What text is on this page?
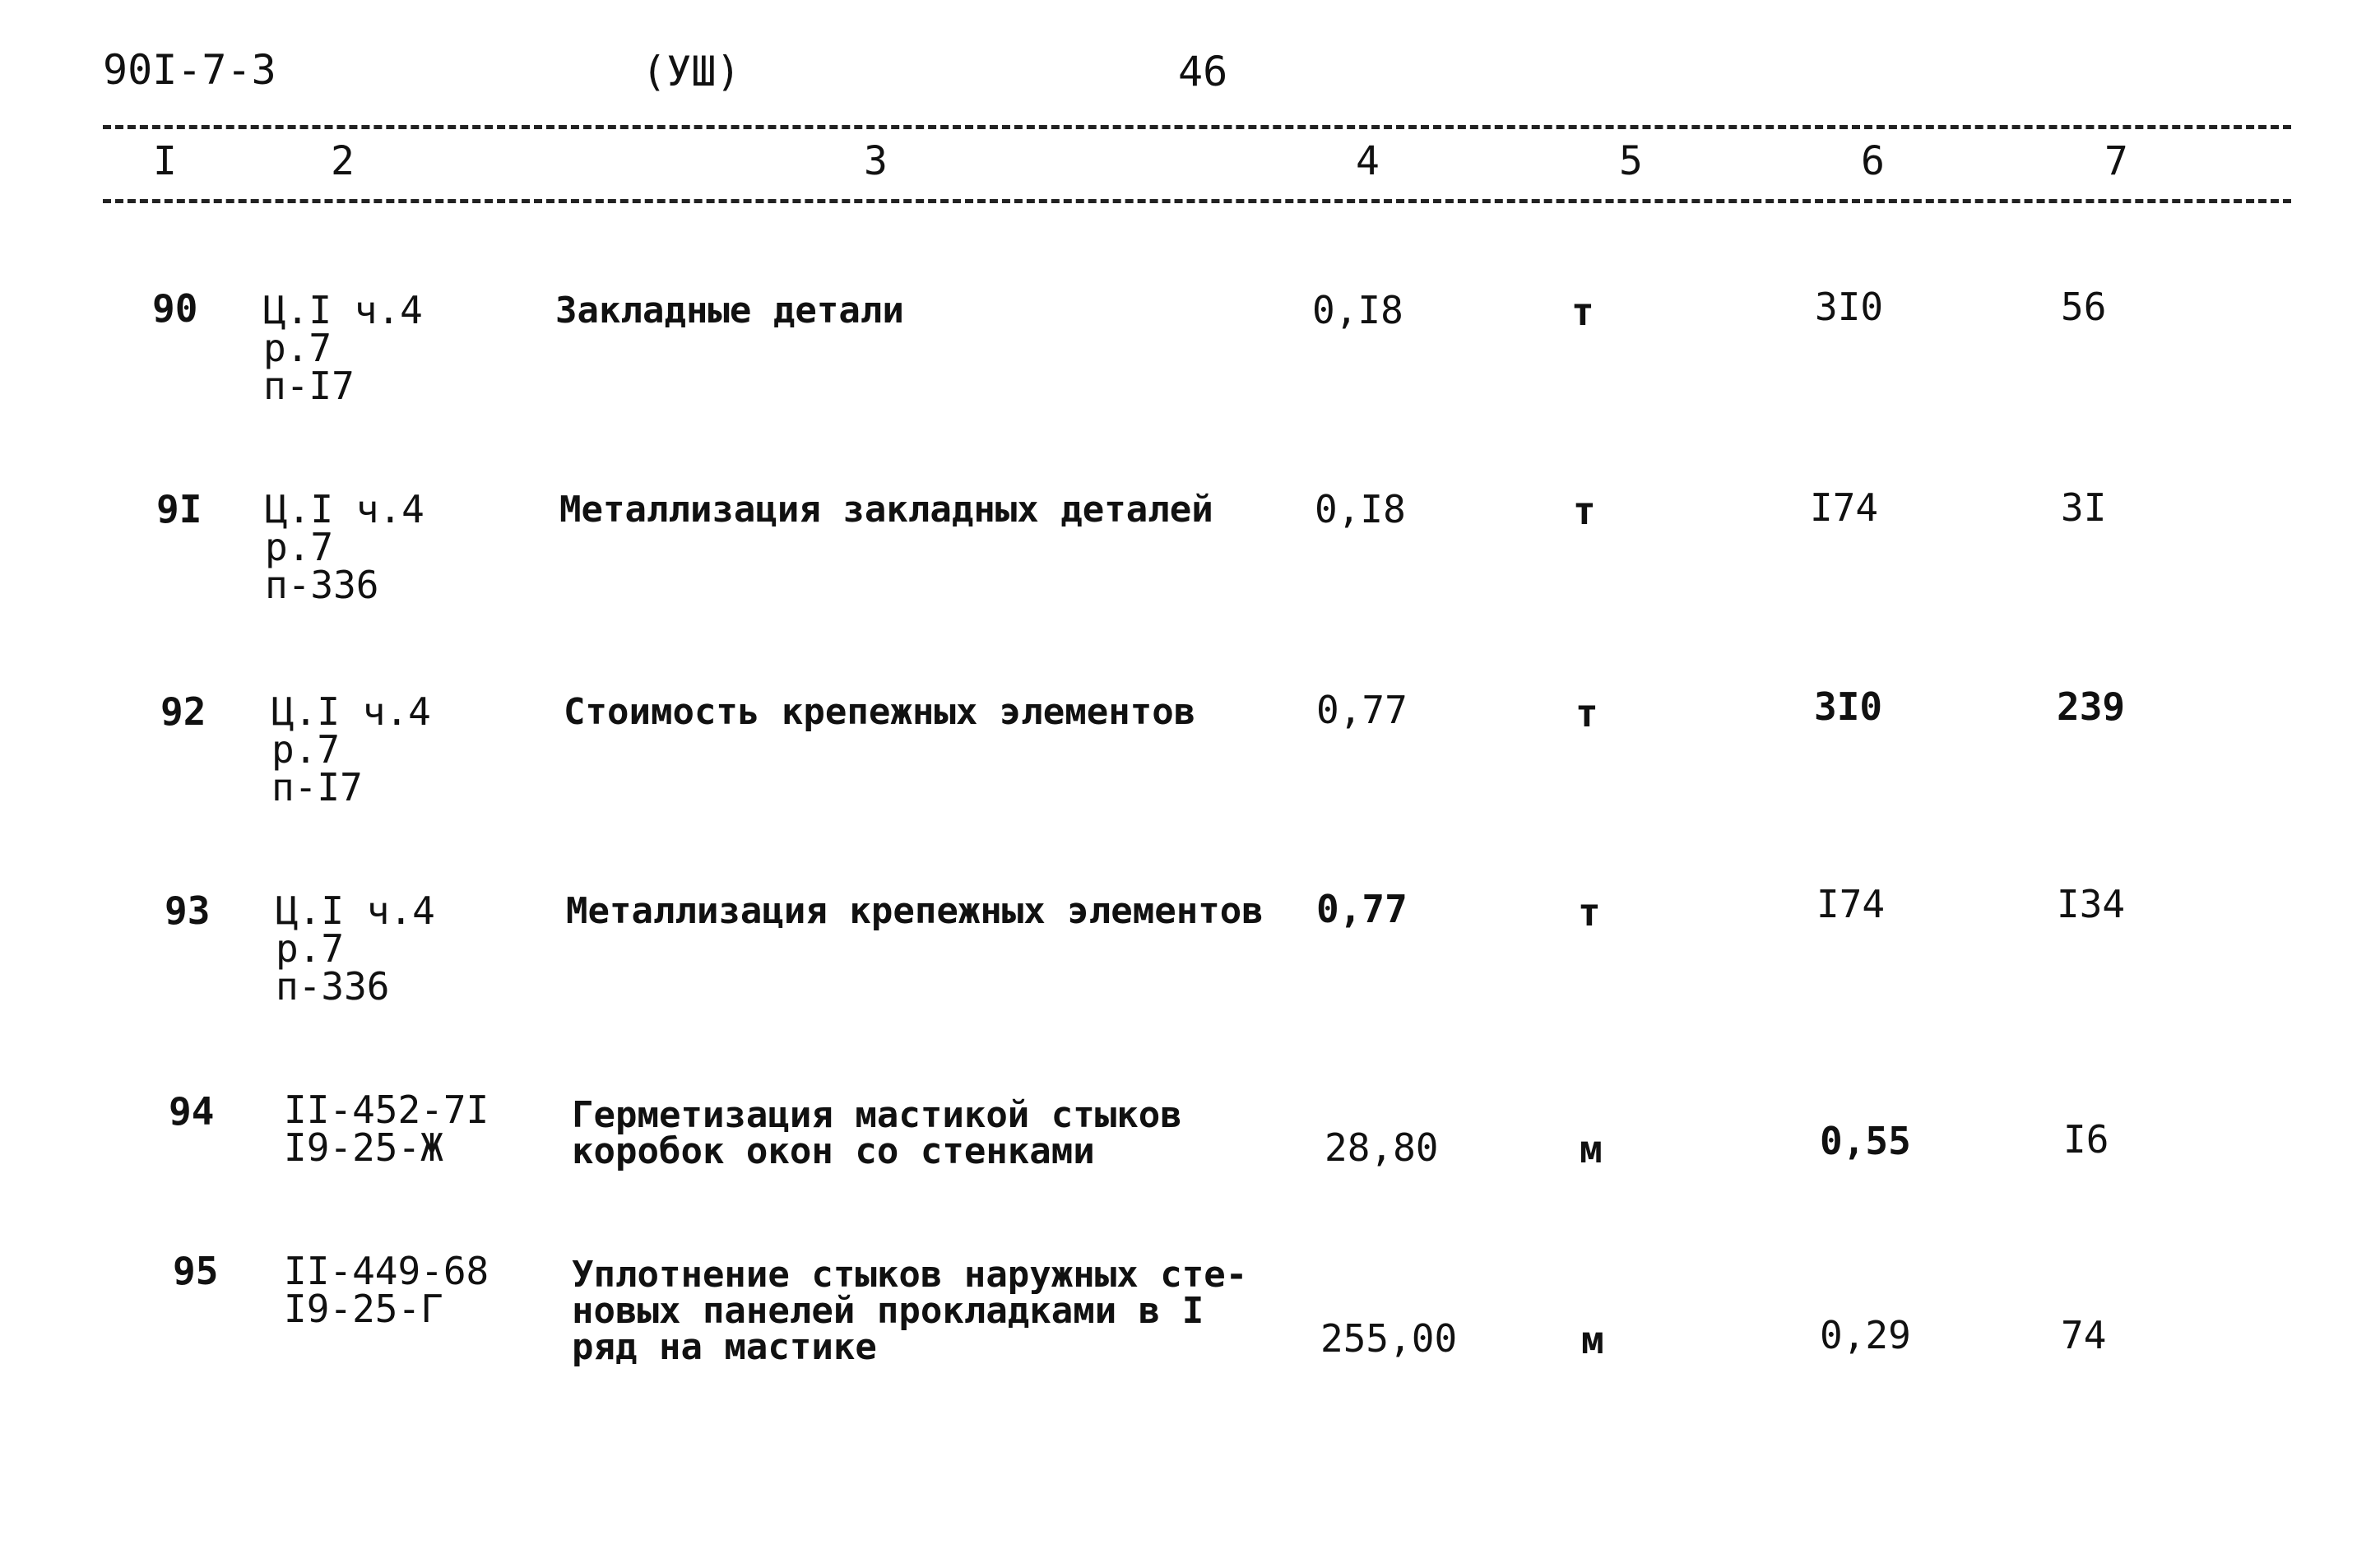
90I-7-3	(УШ)	46
I	2	3	4	5	6	7
90 Ц.I ч.4
р.7
п-I7
Закладные детали	0,I8	т	3I0	56
9I Ц.I ч.4
р.7
п-336
Металлизация закладных деталей	0,I8	т	I74	3I
92 Ц.I ч.4
р.7
п-I7
Стоимость крепежных элементов	0,77	т	3I0	239
93 Ц.I ч.4
р.7
п-336
Металлизация крепежных элементов 0,77	т	I74	I34
94 II-452-7I
I9-25-Ж
Герметизация мастикой стыков
коробок окон со стенками	28,80	м	0,55	I6
95 II-449-68
I9-25-Г
Уплотнение стыков наружных сте-
новых панелей прокладками в I
ряд на мастике	255,00	м	0,29	74
